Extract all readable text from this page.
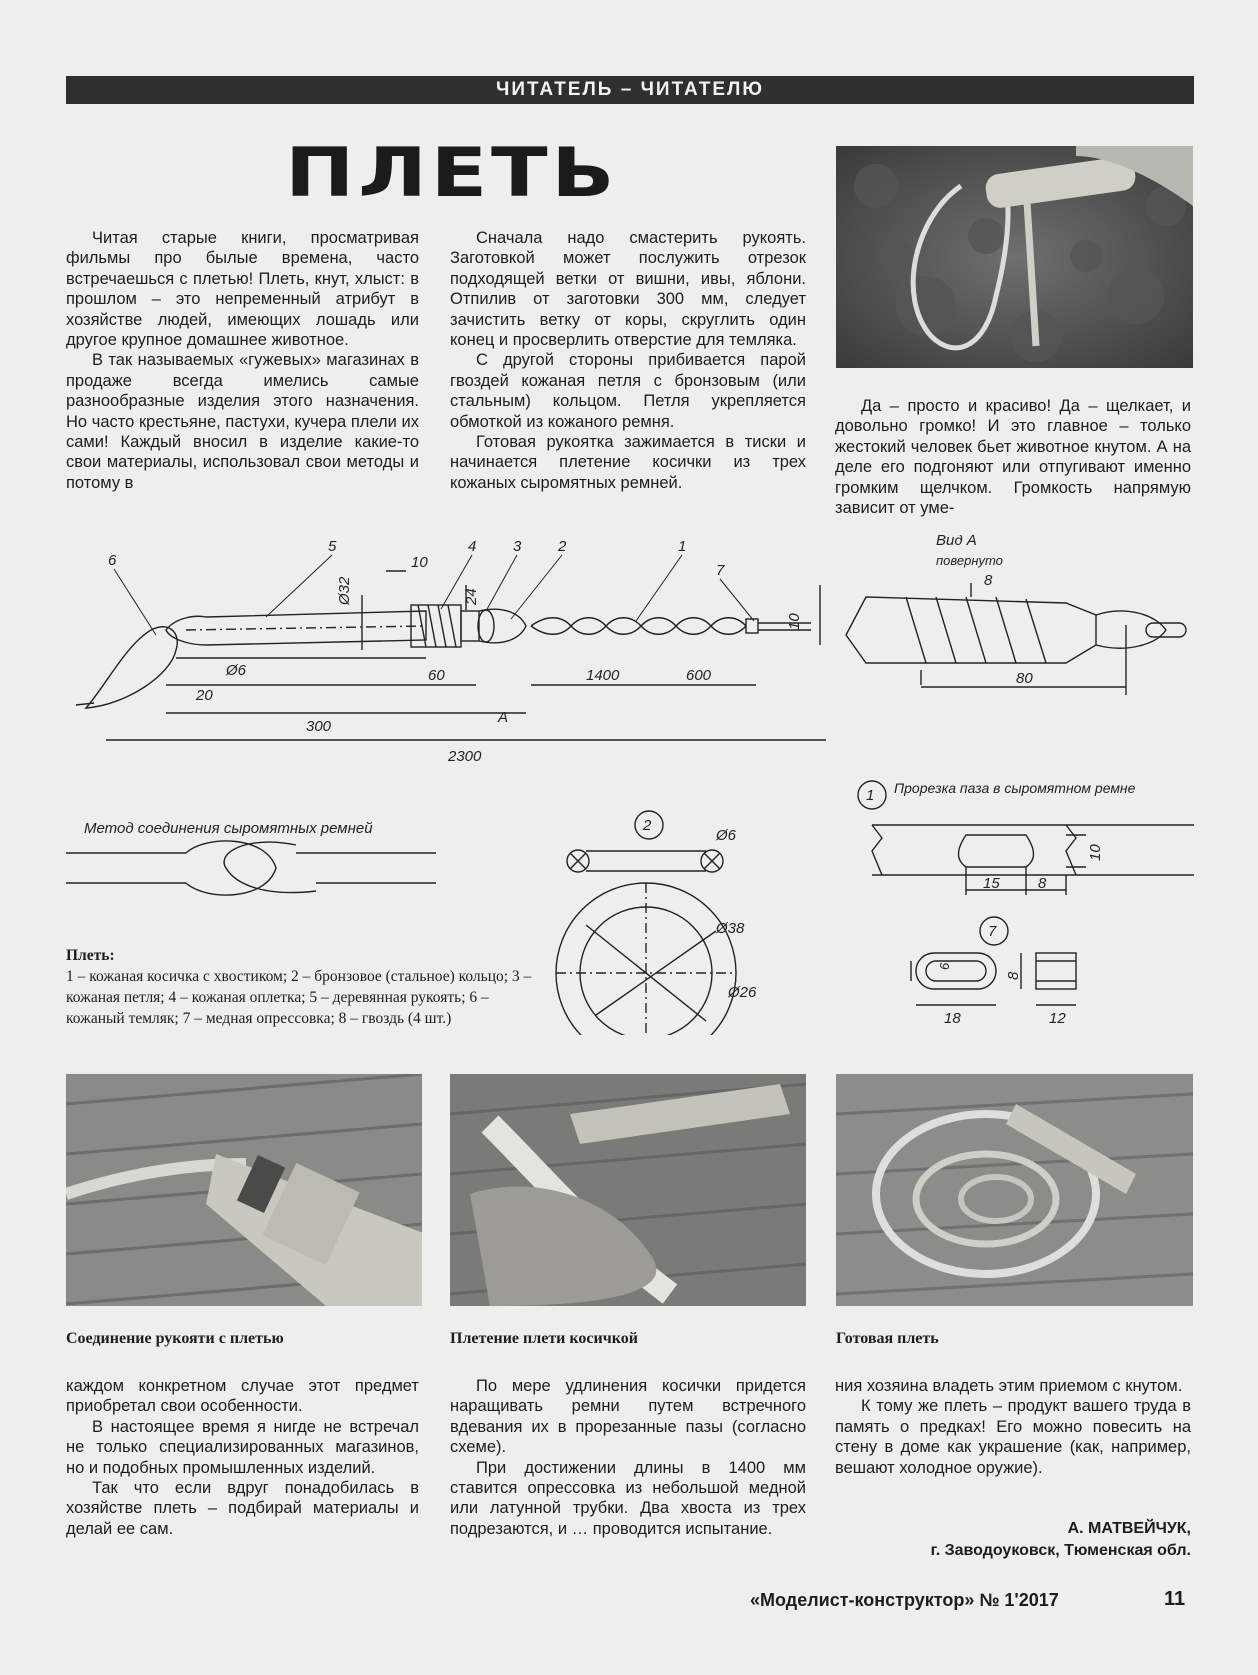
ЧИТАТЕЛЬ – ЧИТАТЕЛЮ
ПЛЕТЬ

Читая старые книги, просматривая фильмы про былые времена, часто встречаешься с плетью! Плеть, кнут, хлыст: в прошлом – это непременный атрибут в хозяйстве людей, имеющих лошадь или другое крупное домашнее животное.

В так называемых «гужевых» магазинах в продаже всегда имелись самые разнообразные изделия этого назначения. Но часто крестьяне, пастухи, кучера плели их сами! Каждый вносил в изделие какие-то свои материалы, использовал свои методы и потому в

Сначала надо смастерить рукоять. Заготовкой может послужить отрезок подходящей ветки от вишни, ивы, яблони. Отпилив от заготовки 300 мм, следует зачистить ветку от коры, скруглить один конец и просверлить отверстие для темляка.

С другой стороны прибивается парой гвоздей кожаная петля с бронзовым (или стальным) кольцом. Петля укрепляется обмоткой из кожаного ремня.

Готовая рукоятка зажимается в тиски и начинается плетение косички из трех кожаных сыромятных ремней.

Да – просто и красиво! Да – щелкает, и довольно громко! И это главное – только жестокий человек бьет животное кнутом. А на деле его подгоняют или отпугивают именно громким щелчком. Громкость напрямую зависит от уме-

6
5	4 3 2	1
7
Ø32
Ø6
20
10
24
60	1400	600
10
300
2300
A
Метод соединения сыромятных ремней	2
Ø6
Ø38
Ø26
Вид А
повернуто
8
80
Прорезка паза в сыромятном ремне
1
10
15	8
7
6
18
8
12
Плеть:
1 – кожаная косичка с хвостиком; 2 – бронзовое (стальное) кольцо; 3 – кожаная петля; 4 – кожаная оплетка; 5 – деревянная рукоять; 6 – кожаный темляк; 7 – медная опрессовка; 8 – гвоздь (4 шт.)
Соединение рукояти с плетью	Плетение плети косичкой	Готовая плеть

каждом конкретном случае этот предмет приобретал свои особенности.

В настоящее время я нигде не встречал не только специализированных магазинов, но и подобных промышленных изделий.

Так что если вдруг понадобилась в хозяйстве плеть – подбирай материалы и делай ее сам.

По мере удлинения косички придется наращивать ремни путем встречного вдевания их в прорезанные пазы (согласно схеме).

При достижении длины в 1400 мм ставится опрессовка из небольшой медной или латунной трубки. Два хвоста из трех подрезаются, и … проводится испытание.

ния хозяина владеть этим приемом с кнутом.

К тому же плеть – продукт вашего труда в память о предках! Его можно повесить на стену в доме как украшение (как, например, вешают холодное оружие).

А. МАТВЕЙЧУК,
г. Заводоуковск, Тюменская обл.
«Моделист-конструктор» № 1'2017	11
